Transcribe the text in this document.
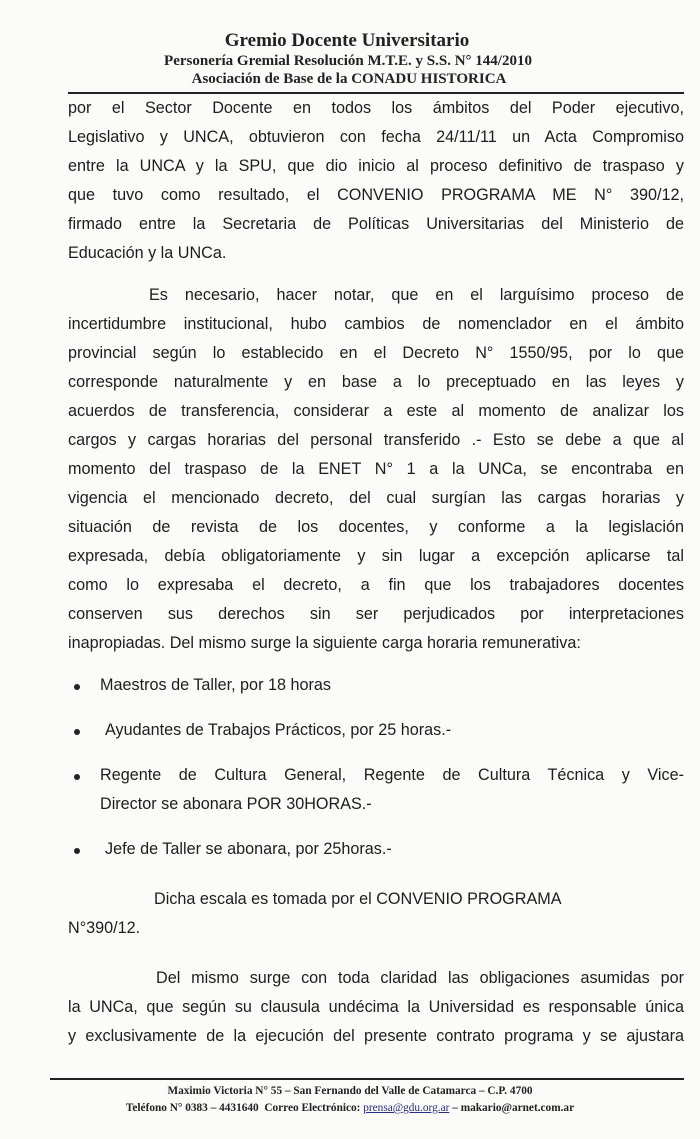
Gremio Docente Universitario
Personería Gremial Resolución M.T.E. y S.S. N° 144/2010
Asociación de Base de la CONADU HISTORICA
por el Sector Docente en todos los ámbitos del Poder ejecutivo,
Legislativo y UNCA, obtuvieron con fecha 24/11/11 un Acta Compromiso
entre la UNCA y la SPU, que dio inicio al proceso definitivo de traspaso y
que tuvo como resultado, el CONVENIO PROGRAMA ME N° 390/12,
firmado entre la Secretaria de Políticas Universitarias del Ministerio de
Educación y la UNCa.
Es necesario, hacer notar, que en el larguísimo proceso de
incertidumbre institucional, hubo cambios de nomenclador en el ámbito
provincial según lo establecido en el Decreto N° 1550/95, por lo que
corresponde naturalmente y en base a lo preceptuado en las leyes y
acuerdos de transferencia, considerar a este al momento de analizar los
cargos y cargas horarias del personal transferido .- Esto se debe a que al
momento del traspaso de la ENET N° 1 a la UNCa, se encontraba en
vigencia el mencionado decreto, del cual surgían las cargas horarias y
situación de revista de los docentes, y conforme a la legislación
expresada, debía obligatoriamente y sin lugar a excepción aplicarse tal
como lo expresaba el decreto, a fin que los trabajadores docentes
conserven sus derechos sin ser perjudicados por interpretaciones
inapropiadas. Del mismo surge la siguiente carga horaria remunerativa:
Maestros de Taller, por 18 horas
Ayudantes de Trabajos Prácticos, por 25 horas.-
Regente de Cultura General, Regente de Cultura Técnica y Vice-
Director se abonara POR 30HORAS.-
Jefe de Taller se abonara, por 25horas.-
Dicha escala es tomada por el CONVENIO PROGRAMA
N°390/12.
Del mismo surge con toda claridad las obligaciones asumidas por
la UNCa, que según su clausula undécima la Universidad es responsable única
y exclusivamente de la ejecución del presente contrato programa y se ajustara
Maximio Victoria N° 55 – San Fernando del Valle de Catamarca – C.P. 4700
Teléfono N° 0383 – 4431640 Correo Electrónico: prensa@gdu.org.ar – makario@arnet.com.ar
